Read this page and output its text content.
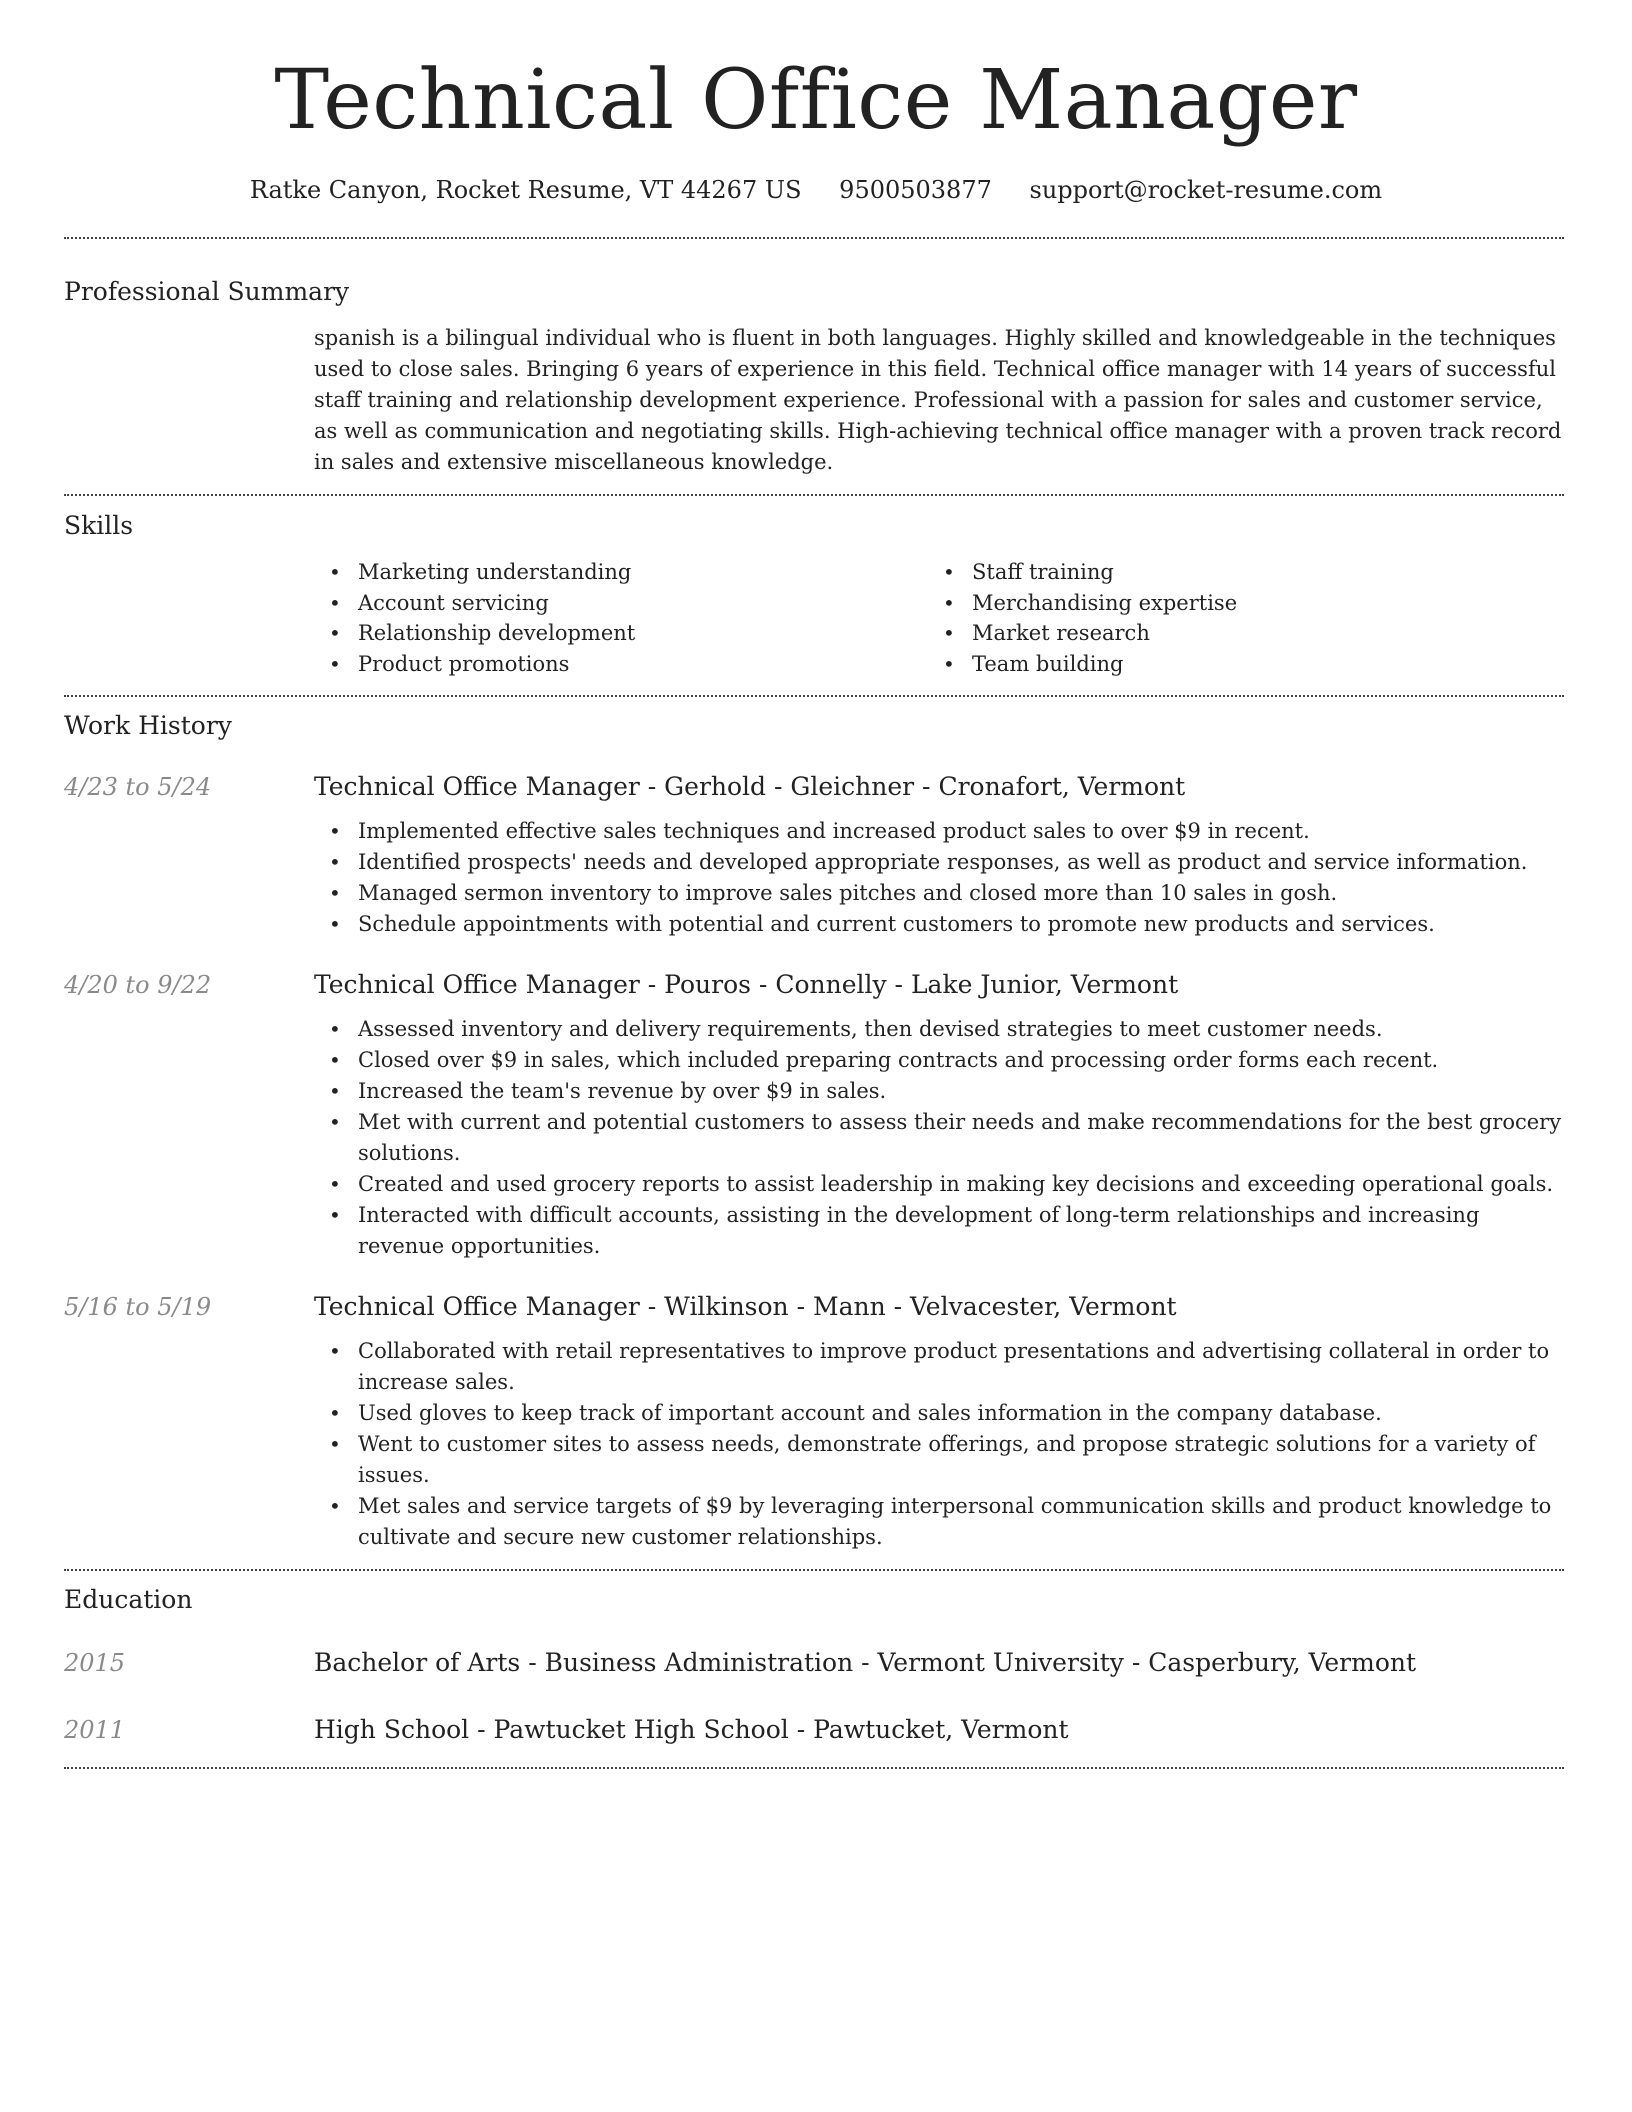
Technical Office Manager
Ratke Canyon, Rocket Resume, VT 44267 US 9500503877 support@rocket-resume.com
Professional Summary
spanish is a bilingual individual who is fluent in both languages. Highly skilled and knowledgeable in the techniques used to close sales. Bringing 6 years of experience in this field. Technical office manager with 14 years of successful staff training and relationship development experience. Professional with a passion for sales and customer service, as well as communication and negotiating skills. High-achieving technical office manager with a proven track record in sales and extensive miscellaneous knowledge.
Skills
• Marketing understanding
• Account servicing
• Relationship development
• Product promotions
• Staff training
• Merchandising expertise
• Market research
• Team building
Work History
4/23 to 5/24	Technical Office Manager - Gerhold - Gleichner - Cronafort, Vermont
• Implemented effective sales techniques and increased product sales to over $9 in recent.
• Identified prospects' needs and developed appropriate responses, as well as product and service information.
• Managed sermon inventory to improve sales pitches and closed more than 10 sales in gosh.
• Schedule appointments with potential and current customers to promote new products and services.
4/20 to 9/22	Technical Office Manager - Pouros - Connelly - Lake Junior, Vermont
• Assessed inventory and delivery requirements, then devised strategies to meet customer needs.
• Closed over $9 in sales, which included preparing contracts and processing order forms each recent.
• Increased the team's revenue by over $9 in sales.
• Met with current and potential customers to assess their needs and make recommendations for the best grocery solutions.
• Created and used grocery reports to assist leadership in making key decisions and exceeding operational goals.
• Interacted with difficult accounts, assisting in the development of long-term relationships and increasing revenue opportunities.
5/16 to 5/19	Technical Office Manager - Wilkinson - Mann - Velvacester, Vermont
• Collaborated with retail representatives to improve product presentations and advertising collateral in order to increase sales.
• Used gloves to keep track of important account and sales information in the company database.
• Went to customer sites to assess needs, demonstrate offerings, and propose strategic solutions for a variety of issues.
• Met sales and service targets of $9 by leveraging interpersonal communication skills and product knowledge to cultivate and secure new customer relationships.
Education
2015	Bachelor of Arts - Business Administration - Vermont University - Casperbury, Vermont
2011	High School - Pawtucket High School - Pawtucket, Vermont
